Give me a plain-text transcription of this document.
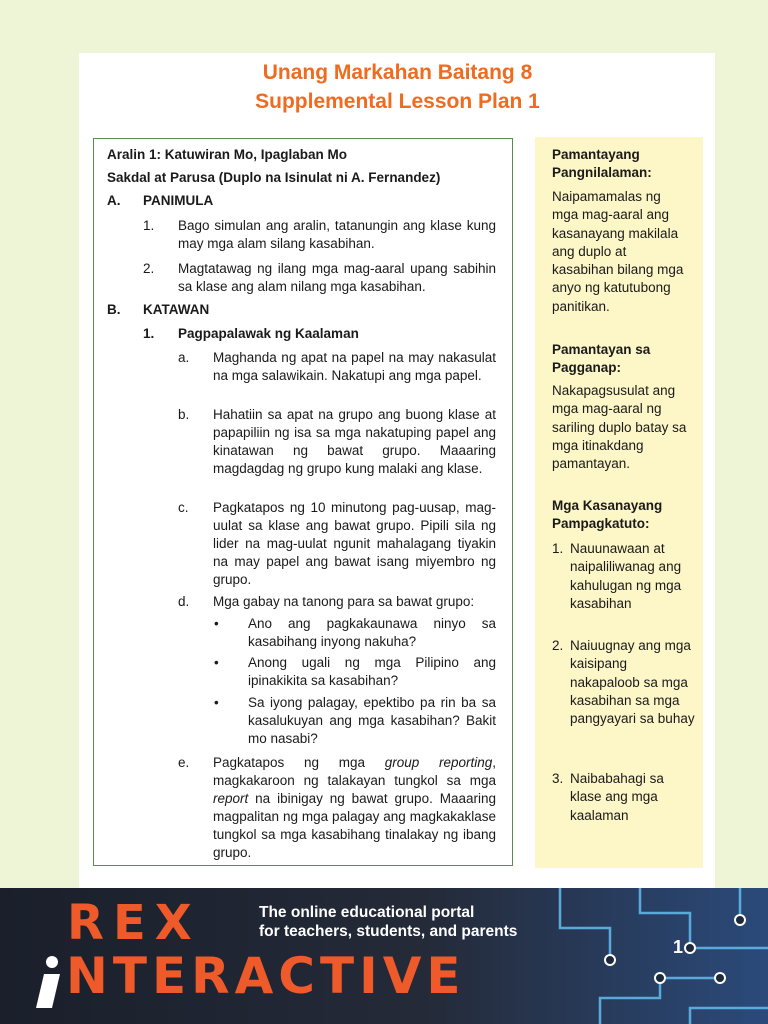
Unang Markahan Baitang 8
Supplemental Lesson Plan 1
Aralin 1: Katuwiran Mo, Ipaglaban Mo
Sakdal at Parusa (Duplo na Isinulat ni A. Fernandez)
A. PANIMULA
1. Bago simulan ang aralin, tatanungin ang klase kung may mga alam silang kasabihan.
2. Magtatawag ng ilang mga mag-aaral upang sabihin sa klase ang alam nilang mga kasabihan.
B. KATAWAN
1. Pagpapalawak ng Kaalaman
a. Maghanda ng apat na papel na may nakasulat na mga salawikain. Nakatupi ang mga papel.
b. Hahatiin sa apat na grupo ang buong klase at papapiliin ng isa sa mga nakatuping papel ang kinatawan ng bawat grupo. Maaaring magdagdag ng grupo kung malaki ang klase.
c. Pagkatapos ng 10 minutong pag-uusap, mag-uulat sa klase ang bawat grupo. Pipili sila ng lider na mag-uulat ngunit mahalagang tiyakin na may papel ang bawat isang miyembro ng grupo.
d. Mga gabay na tanong para sa bawat grupo:
• Ano ang pagkakaunawa ninyo sa kasabihang inyong nakuha?
• Anong ugali ng mga Pilipino ang ipinakikita sa kasabihan?
• Sa iyong palagay, epektibo pa rin ba sa kasalukuyan ang mga kasabihan? Bakit mo nasabi?
e. Pagkatapos ng mga group reporting, magkakaroon ng talakayan tungkol sa mga report na ibinigay ng bawat grupo. Maaaring magpalitan ng mga palagay ang magkakaklase tungkol sa mga kasabihang tinalakay ng ibang grupo.
Pamantayang Pangnilalaman:
Naipamamalas ng mga mag-aaral ang kasanayang makilala ang duplo at kasabihan bilang mga anyo ng katutubong panitikan.
Pamantayan sa Pagganap:
Nakapagsusulat ang mga mag-aaral ng sariling duplo batay sa mga itinakdang pamantayan.
Mga Kasanayang Pampagkatuto:
1. Nauunawaan at naipaliliwanag ang kahulugan ng mga kasabihan
2. Naiuugnay ang mga kaisipang nakapaloob sa mga kasabihan sa mga pangyayari sa buhay
3. Naibabahagi sa klase ang mga kaalaman
REX
NTERACTIVE
The online educational portal
for teachers, students, and parents
1
